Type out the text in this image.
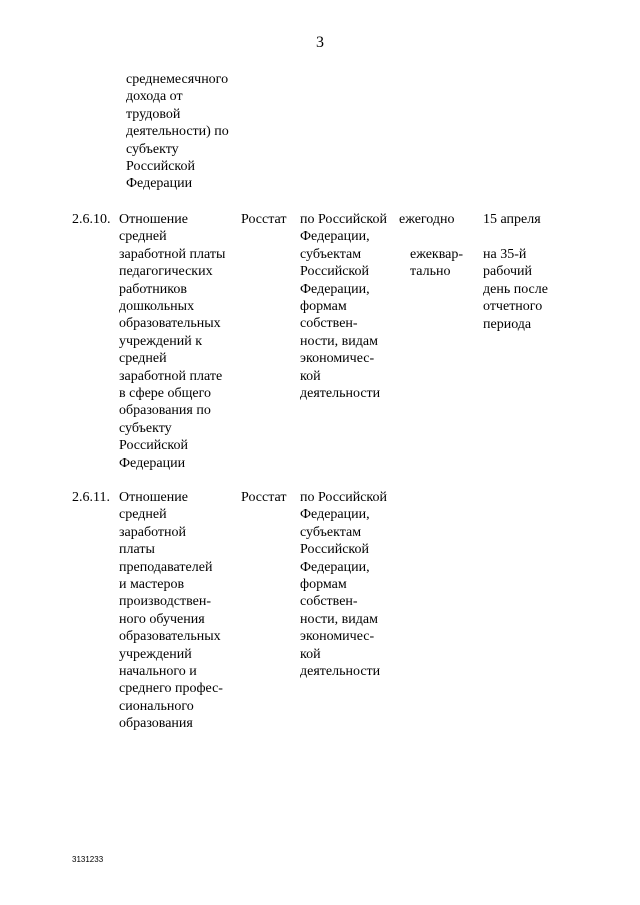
3
среднемесячного
дохода от
трудовой
деятельности) по
субъекту
Российской
Федерации
2.6.10. Отношение
средней
заработной платы
педагогических
работников
дошкольных
образовательных
учреждений к
средней
заработной плате
в сфере общего
образования по
субъекту
Российской
Федерации
Росстат по Российской
Федерации,
субъектам
Российской
Федерации,
формам
собствен-
ности, видам
экономичес-
кой
деятельности
ежегодно
ежеквар-
тально
15 апреля
на 35-й
рабочий
день после
отчетного
периода
2.6.11. Отношение
средней
заработной
платы
преподавателей
и мастеров
производствен-
ного обучения
образовательных
учреждений
начального и
среднего профес-
сионального
образования
Росстат по Российской
Федерации,
субъектам
Российской
Федерации,
формам
собствен-
ности, видам
экономичес-
кой
деятельности
3131233
